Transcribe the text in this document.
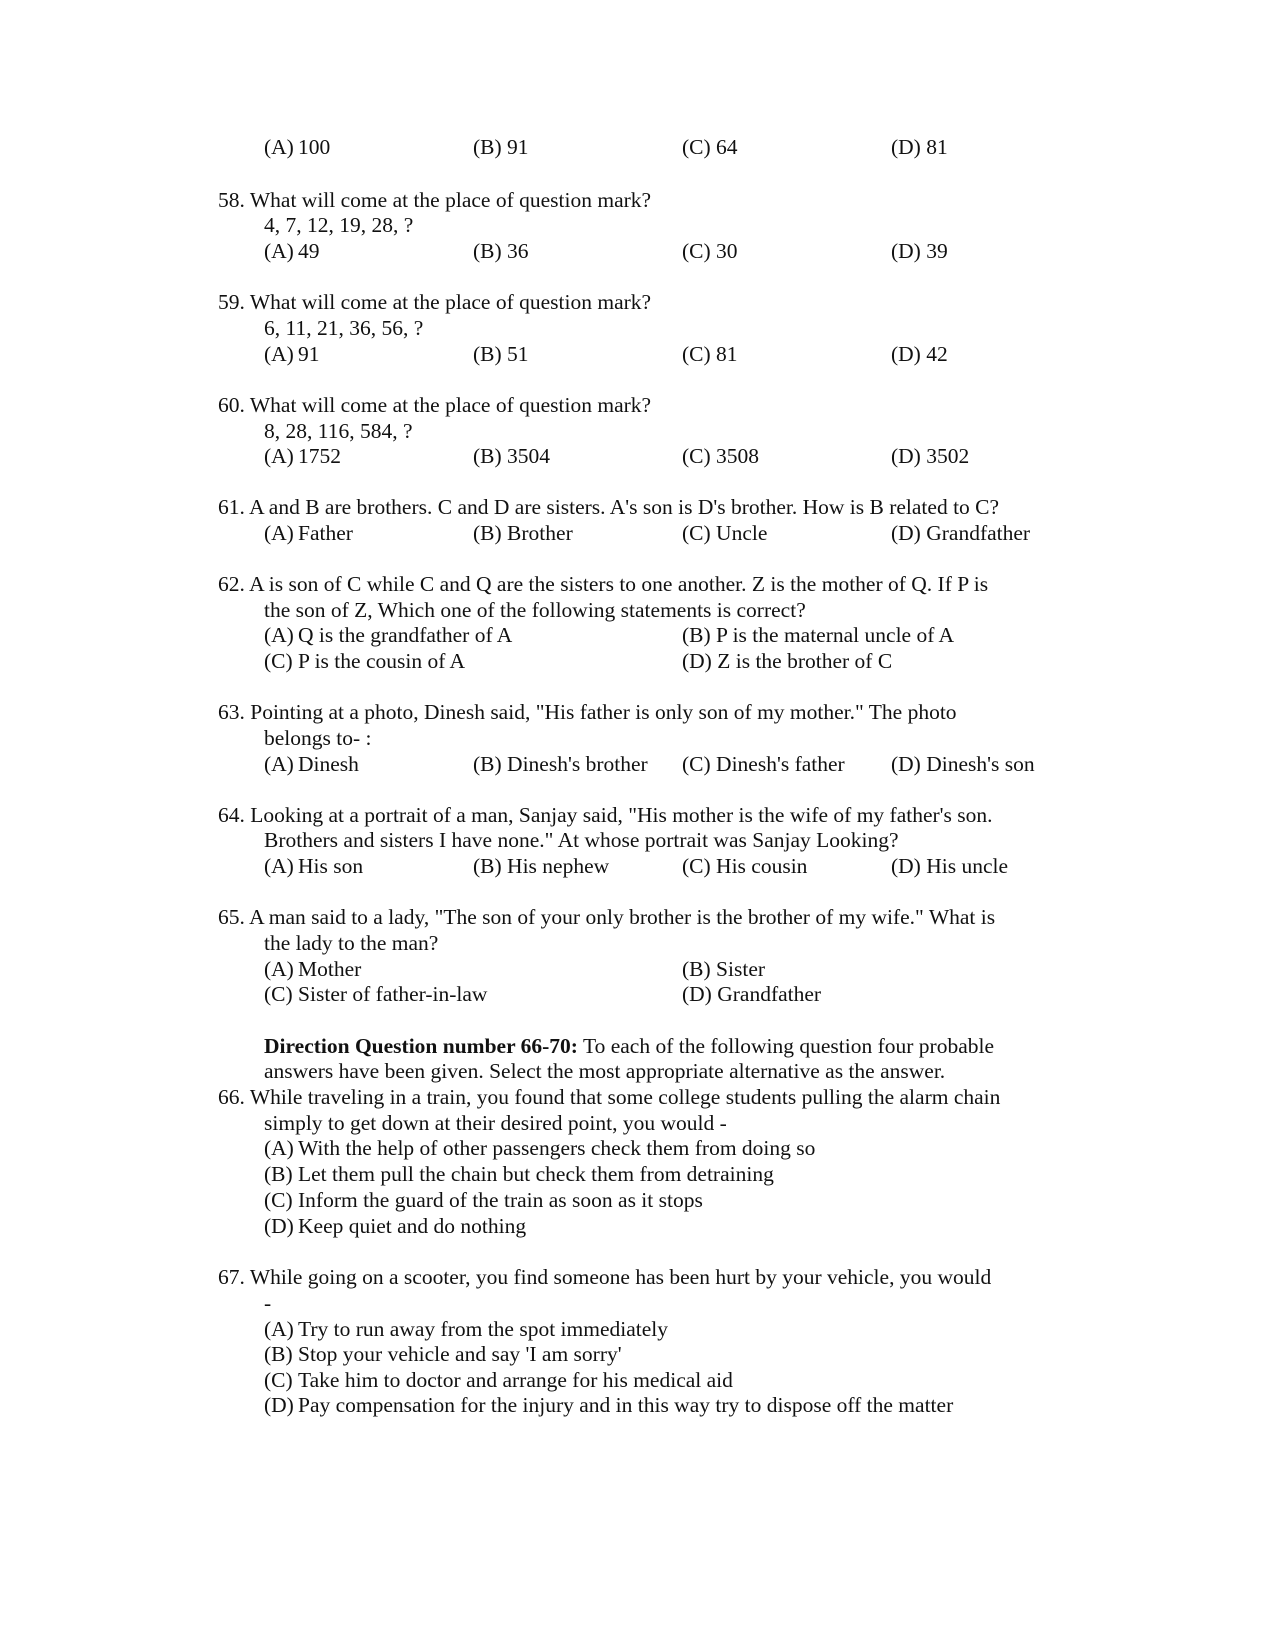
(A) 100	(B) 91	(C) 64	(D) 81
58. What will come at the place of question mark?
4, 7, 12, 19, 28, ?
(A) 49	(B) 36	(C) 30	(D) 39
59. What will come at the place of question mark?
6, 11, 21, 36, 56, ?
(A) 91	(B) 51	(C) 81	(D) 42
60. What will come at the place of question mark?
8, 28, 116, 584, ?
(A) 1752	(B) 3504	(C) 3508	(D) 3502
61. A and B are brothers. C and D are sisters. A's son is D's brother. How is B related to C?
(A) Father	(B) Brother	(C) Uncle	(D) Grandfather
62. A is son of C while C and Q are the sisters to one another. Z is the mother of Q. If P is
the son of Z, Which one of the following statements is correct?
(A) Q is the grandfather of A	(B) P is the maternal uncle of A
(C) P is the cousin of A	(D) Z is the brother of C
63. Pointing at a photo, Dinesh said, "His father is only son of my mother." The photo
belongs to- :
(A) Dinesh	(B) Dinesh's brother (C) Dinesh's father (D) Dinesh's son
64. Looking at a portrait of a man, Sanjay said, "His mother is the wife of my father's son.
Brothers and sisters I have none." At whose portrait was Sanjay Looking?
(A) His son	(B) His nephew	(C) His cousin	(D) His uncle
65. A man said to a lady, "The son of your only brother is the brother of my wife." What is
the lady to the man?
(A) Mother	(B) Sister
(C) Sister of father-in-law	(D) Grandfather
Direction Question number 66-70: To each of the following question four probable
answers have been given. Select the most appropriate alternative as the answer.
66. While traveling in a train, you found that some college students pulling the alarm chain
simply to get down at their desired point, you would -
(A) With the help of other passengers check them from doing so
(B) Let them pull the chain but check them from detraining
(C) Inform the guard of the train as soon as it stops
(D) Keep quiet and do nothing
67. While going on a scooter, you find someone has been hurt by your vehicle, you would
-
(A) Try to run away from the spot immediately
(B) Stop your vehicle and say 'I am sorry'
(C) Take him to doctor and arrange for his medical aid
(D) Pay compensation for the injury and in this way try to dispose off the matter
